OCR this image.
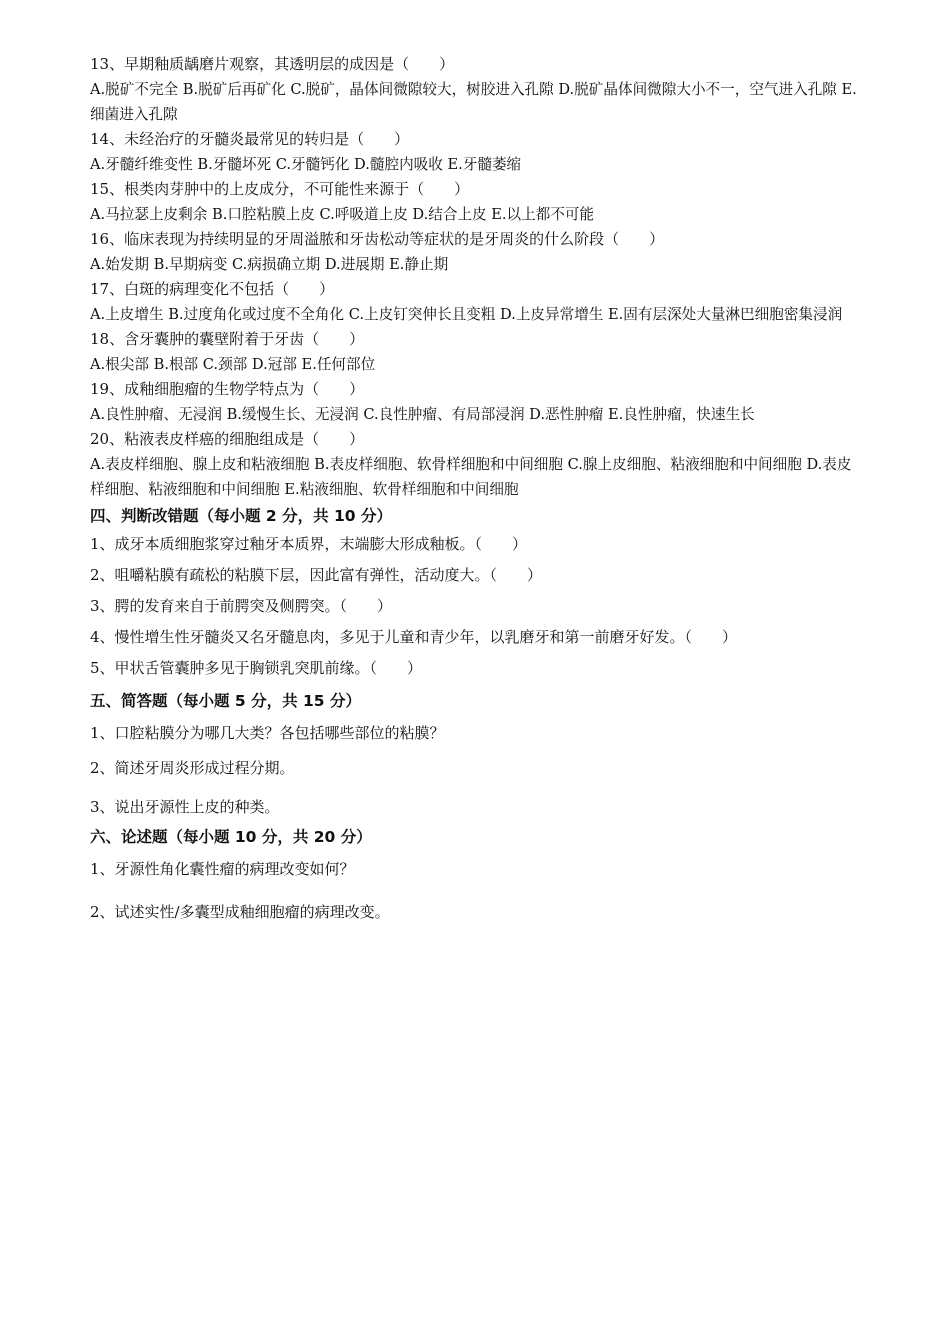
13、早期釉质龋磨片观察，其透明层的成因是（　　）
A.脱矿不完全 B.脱矿后再矿化 C.脱矿，晶体间微隙较大，树胶进入孔隙 D.脱矿晶体间微隙大小不一，空气进入孔隙 E.细菌进入孔隙
14、未经治疗的牙髓炎最常见的转归是（　　）
A.牙髓纤维变性 B.牙髓坏死 C.牙髓钙化 D.髓腔内吸收 E.牙髓萎缩
15、根类肉芽肿中的上皮成分，不可能性来源于（　　）
A.马拉瑟上皮剩余 B.口腔粘膜上皮 C.呼吸道上皮 D.结合上皮 E.以上都不可能
16、临床表现为持续明显的牙周溢脓和牙齿松动等症状的是牙周炎的什么阶段（　　）
A.始发期 B.早期病变 C.病损确立期 D.进展期 E.静止期
17、白斑的病理变化不包括（　　）
A.上皮增生 B.过度角化或过度不全角化 C.上皮钉突伸长且变粗 D.上皮异常增生 E.固有层深处大量淋巴细胞密集浸润
18、含牙囊肿的囊壁附着于牙齿（　　）
A.根尖部 B.根部 C.颈部 D.冠部 E.任何部位
19、成釉细胞瘤的生物学特点为（　　）
A.良性肿瘤、无浸润 B.缓慢生长、无浸润 C.良性肿瘤、有局部浸润 D.恶性肿瘤 E.良性肿瘤，快速生长
20、粘液表皮样癌的细胞组成是（　　）
A.表皮样细胞、腺上皮和粘液细胞 B.表皮样细胞、软骨样细胞和中间细胞 C.腺上皮细胞、粘液细胞和中间细胞 D.表皮样细胞、粘液细胞和中间细胞 E.粘液细胞、软骨样细胞和中间细胞
四、判断改错题（每小题 2 分，共 10 分）
1、成牙本质细胞浆穿过釉牙本质界，末端膨大形成釉板。（　　）
2、咀嚼粘膜有疏松的粘膜下层，因此富有弹性，活动度大。（　　）
3、腭的发育来自于前腭突及侧腭突。（　　）
4、慢性增生性牙髓炎又名牙髓息肉，多见于儿童和青少年，以乳磨牙和第一前磨牙好发。（　　）
5、甲状舌管囊肿多见于胸锁乳突肌前缘。（　　）
五、简答题（每小题 5 分，共 15 分）
1、口腔粘膜分为哪几大类？各包括哪些部位的粘膜？
2、简述牙周炎形成过程分期。
3、说出牙源性上皮的种类。
六、论述题（每小题 10 分，共 20 分）
1、牙源性角化囊性瘤的病理改变如何？
2、试述实性/多囊型成釉细胞瘤的病理改变。
